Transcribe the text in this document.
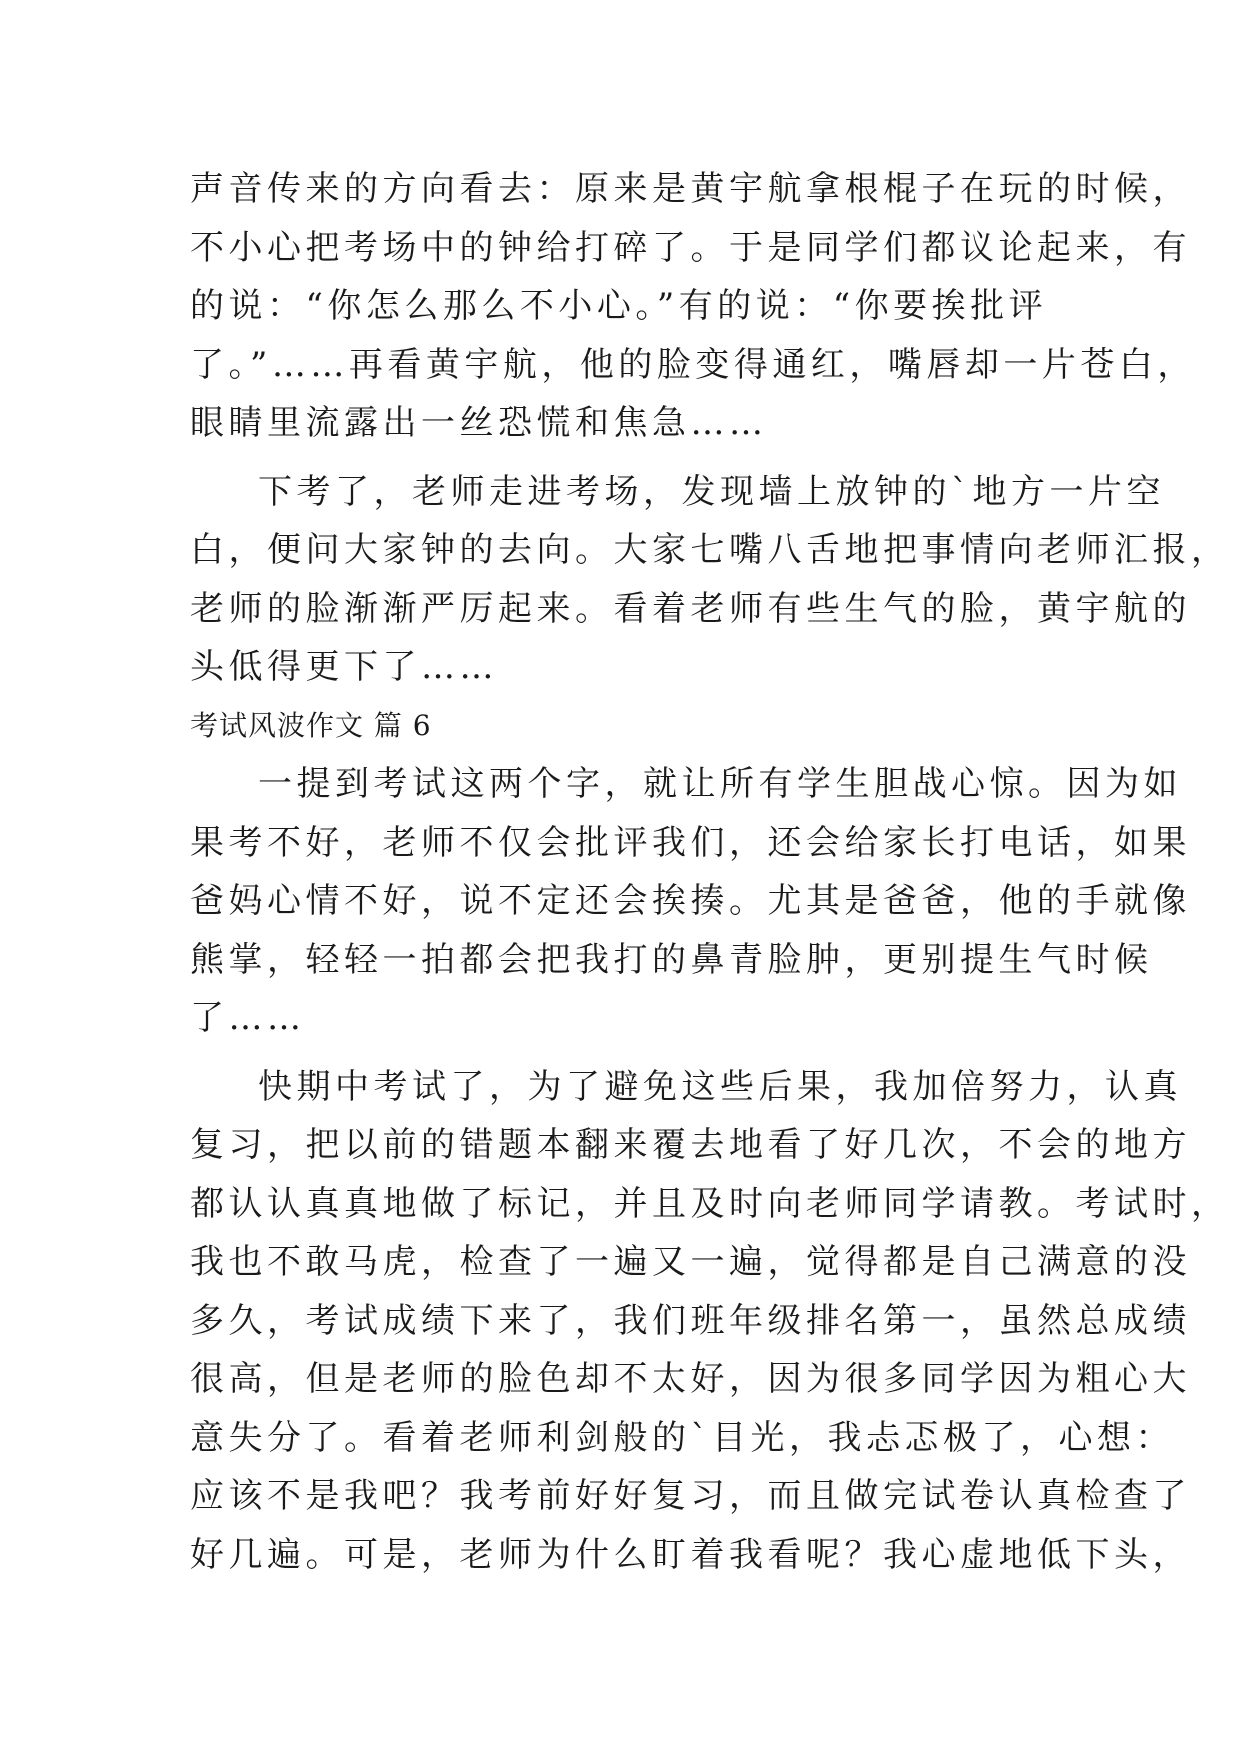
声音传来的方向看去：原来是黄宇航拿根棍子在玩的时候，
不小心把考场中的钟给打碎了。于是同学们都议论起来，有
的说：“你怎么那么不小心。”有的说：“你要挨批评
了。”……再看黄宇航，他的脸变得通红，嘴唇却一片苍白，
眼睛里流露出一丝恐慌和焦急……
下考了，老师走进考场，发现墙上放钟的`地方一片空
白，便问大家钟的去向。大家七嘴八舌地把事情向老师汇报，
老师的脸渐渐严厉起来。看着老师有些生气的脸，黄宇航的
头低得更下了……
考试风波作文 篇 6
一提到考试这两个字，就让所有学生胆战心惊。因为如
果考不好，老师不仅会批评我们，还会给家长打电话，如果
爸妈心情不好，说不定还会挨揍。尤其是爸爸，他的手就像
熊掌，轻轻一拍都会把我打的鼻青脸肿，更别提生气时候
了……
快期中考试了，为了避免这些后果，我加倍努力，认真
复习，把以前的错题本翻来覆去地看了好几次，不会的地方
都认认真真地做了标记，并且及时向老师同学请教。考试时，
我也不敢马虎，检查了一遍又一遍，觉得都是自己满意的没
多久，考试成绩下来了，我们班年级排名第一，虽然总成绩
很高，但是老师的脸色却不太好，因为很多同学因为粗心大
意失分了。看着老师利剑般的`目光，我忐忑极了，心想：
应该不是我吧？我考前好好复习，而且做完试卷认真检查了
好几遍。可是，老师为什么盯着我看呢？我心虚地低下头，
